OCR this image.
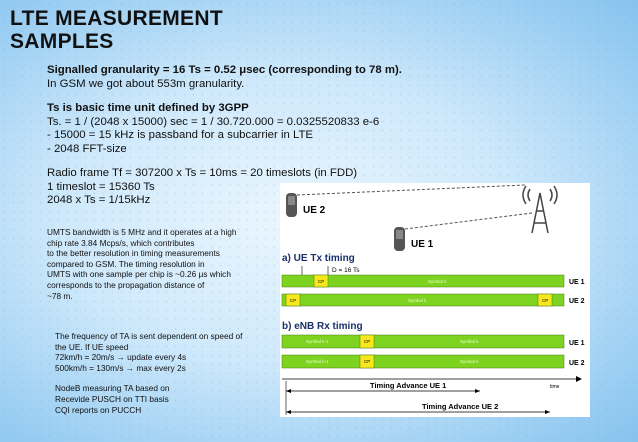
LTE MEASUREMENT
SAMPLES

Signalled granularity = 16 Ts = 0.52 μsec (corresponding to 78 m).

In GSM we got about 553m granularity.

Ts is basic time unit defined by 3GPP

Ts. = 1 / (2048 x 15000) sec = 1 / 30.720.000 = 0.0325520833 e-6

- 15000 = 15 kHz is passband for a subcarrier in LTE

- 2048 FFT-size

Radio frame Tf = 307200 x Ts = 10ms = 20 timeslots (in FDD)

1 timeslot = 15360 Ts

2048 x Ts = 1/15kHz

UMTS bandwidth is 5 MHz and it operates at a high
chip rate 3.84 Mcps/s, which contributes
to the better resolution in timing measurements
compared to GSM. The timing resolution in
UMTS with one sample per chip is ~0.26 μs which
corresponds to the propagation distance of
~78 m.
The frequency of TA is sent dependent on speed of
the UE. If UE speed
72km/h = 20m/s → update every 4s
500km/h = 130m/s → max every 2s
NodeB measuring TA based on
Recevide PUSCH on TTI basis
CQI reports on PUCCH
UE 2
UE 1
a) UE Tx timing
D = 16 Ts
CP	Symbol k	UE 1
CP	CP
Symbol k	UE 2
b) eNB Rx timing
CP
Symbol k-1	Symbol k	UE 1
CP
Symbol k-1	Symbol k	UE 2
time
Timing Advance UE 1
Timing Advance UE 2
